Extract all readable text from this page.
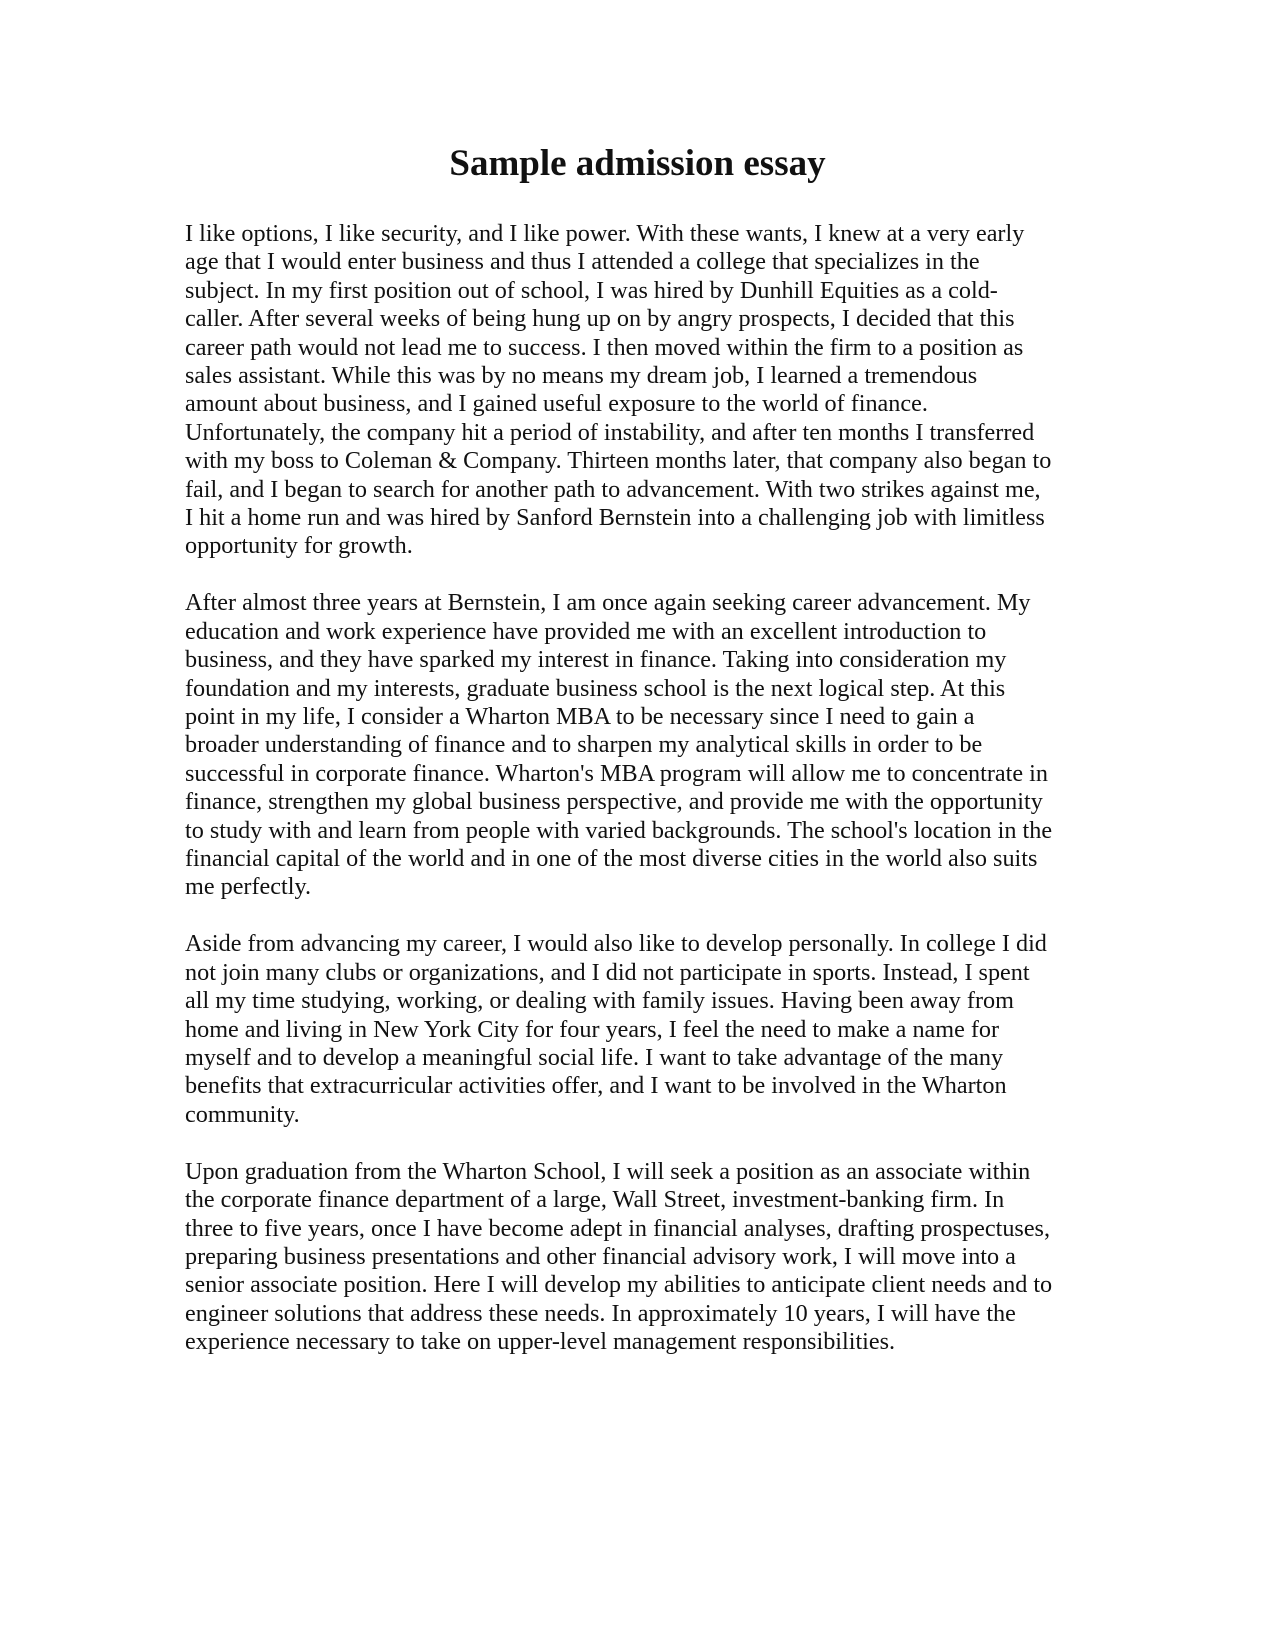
Sample admission essay

I like options, I like security, and I like power. With these wants, I knew at a very early
age that I would enter business and thus I attended a college that specializes in the
subject. In my first position out of school, I was hired by Dunhill Equities as a cold-
caller. After several weeks of being hung up on by angry prospects, I decided that this
career path would not lead me to success. I then moved within the firm to a position as
sales assistant. While this was by no means my dream job, I learned a tremendous
amount about business, and I gained useful exposure to the world of finance.
Unfortunately, the company hit a period of instability, and after ten months I transferred
with my boss to Coleman & Company. Thirteen months later, that company also began to
fail, and I began to search for another path to advancement. With two strikes against me,
I hit a home run and was hired by Sanford Bernstein into a challenging job with limitless
opportunity for growth.

After almost three years at Bernstein, I am once again seeking career advancement. My
education and work experience have provided me with an excellent introduction to
business, and they have sparked my interest in finance. Taking into consideration my
foundation and my interests, graduate business school is the next logical step. At this
point in my life, I consider a Wharton MBA to be necessary since I need to gain a
broader understanding of finance and to sharpen my analytical skills in order to be
successful in corporate finance. Wharton's MBA program will allow me to concentrate in
finance, strengthen my global business perspective, and provide me with the opportunity
to study with and learn from people with varied backgrounds. The school's location in the
financial capital of the world and in one of the most diverse cities in the world also suits
me perfectly.

Aside from advancing my career, I would also like to develop personally. In college I did
not join many clubs or organizations, and I did not participate in sports. Instead, I spent
all my time studying, working, or dealing with family issues. Having been away from
home and living in New York City for four years, I feel the need to make a name for
myself and to develop a meaningful social life. I want to take advantage of the many
benefits that extracurricular activities offer, and I want to be involved in the Wharton
community.

Upon graduation from the Wharton School, I will seek a position as an associate within
the corporate finance department of a large, Wall Street, investment-banking firm. In
three to five years, once I have become adept in financial analyses, drafting prospectuses,
preparing business presentations and other financial advisory work, I will move into a
senior associate position. Here I will develop my abilities to anticipate client needs and to
engineer solutions that address these needs. In approximately 10 years, I will have the
experience necessary to take on upper-level management responsibilities.
